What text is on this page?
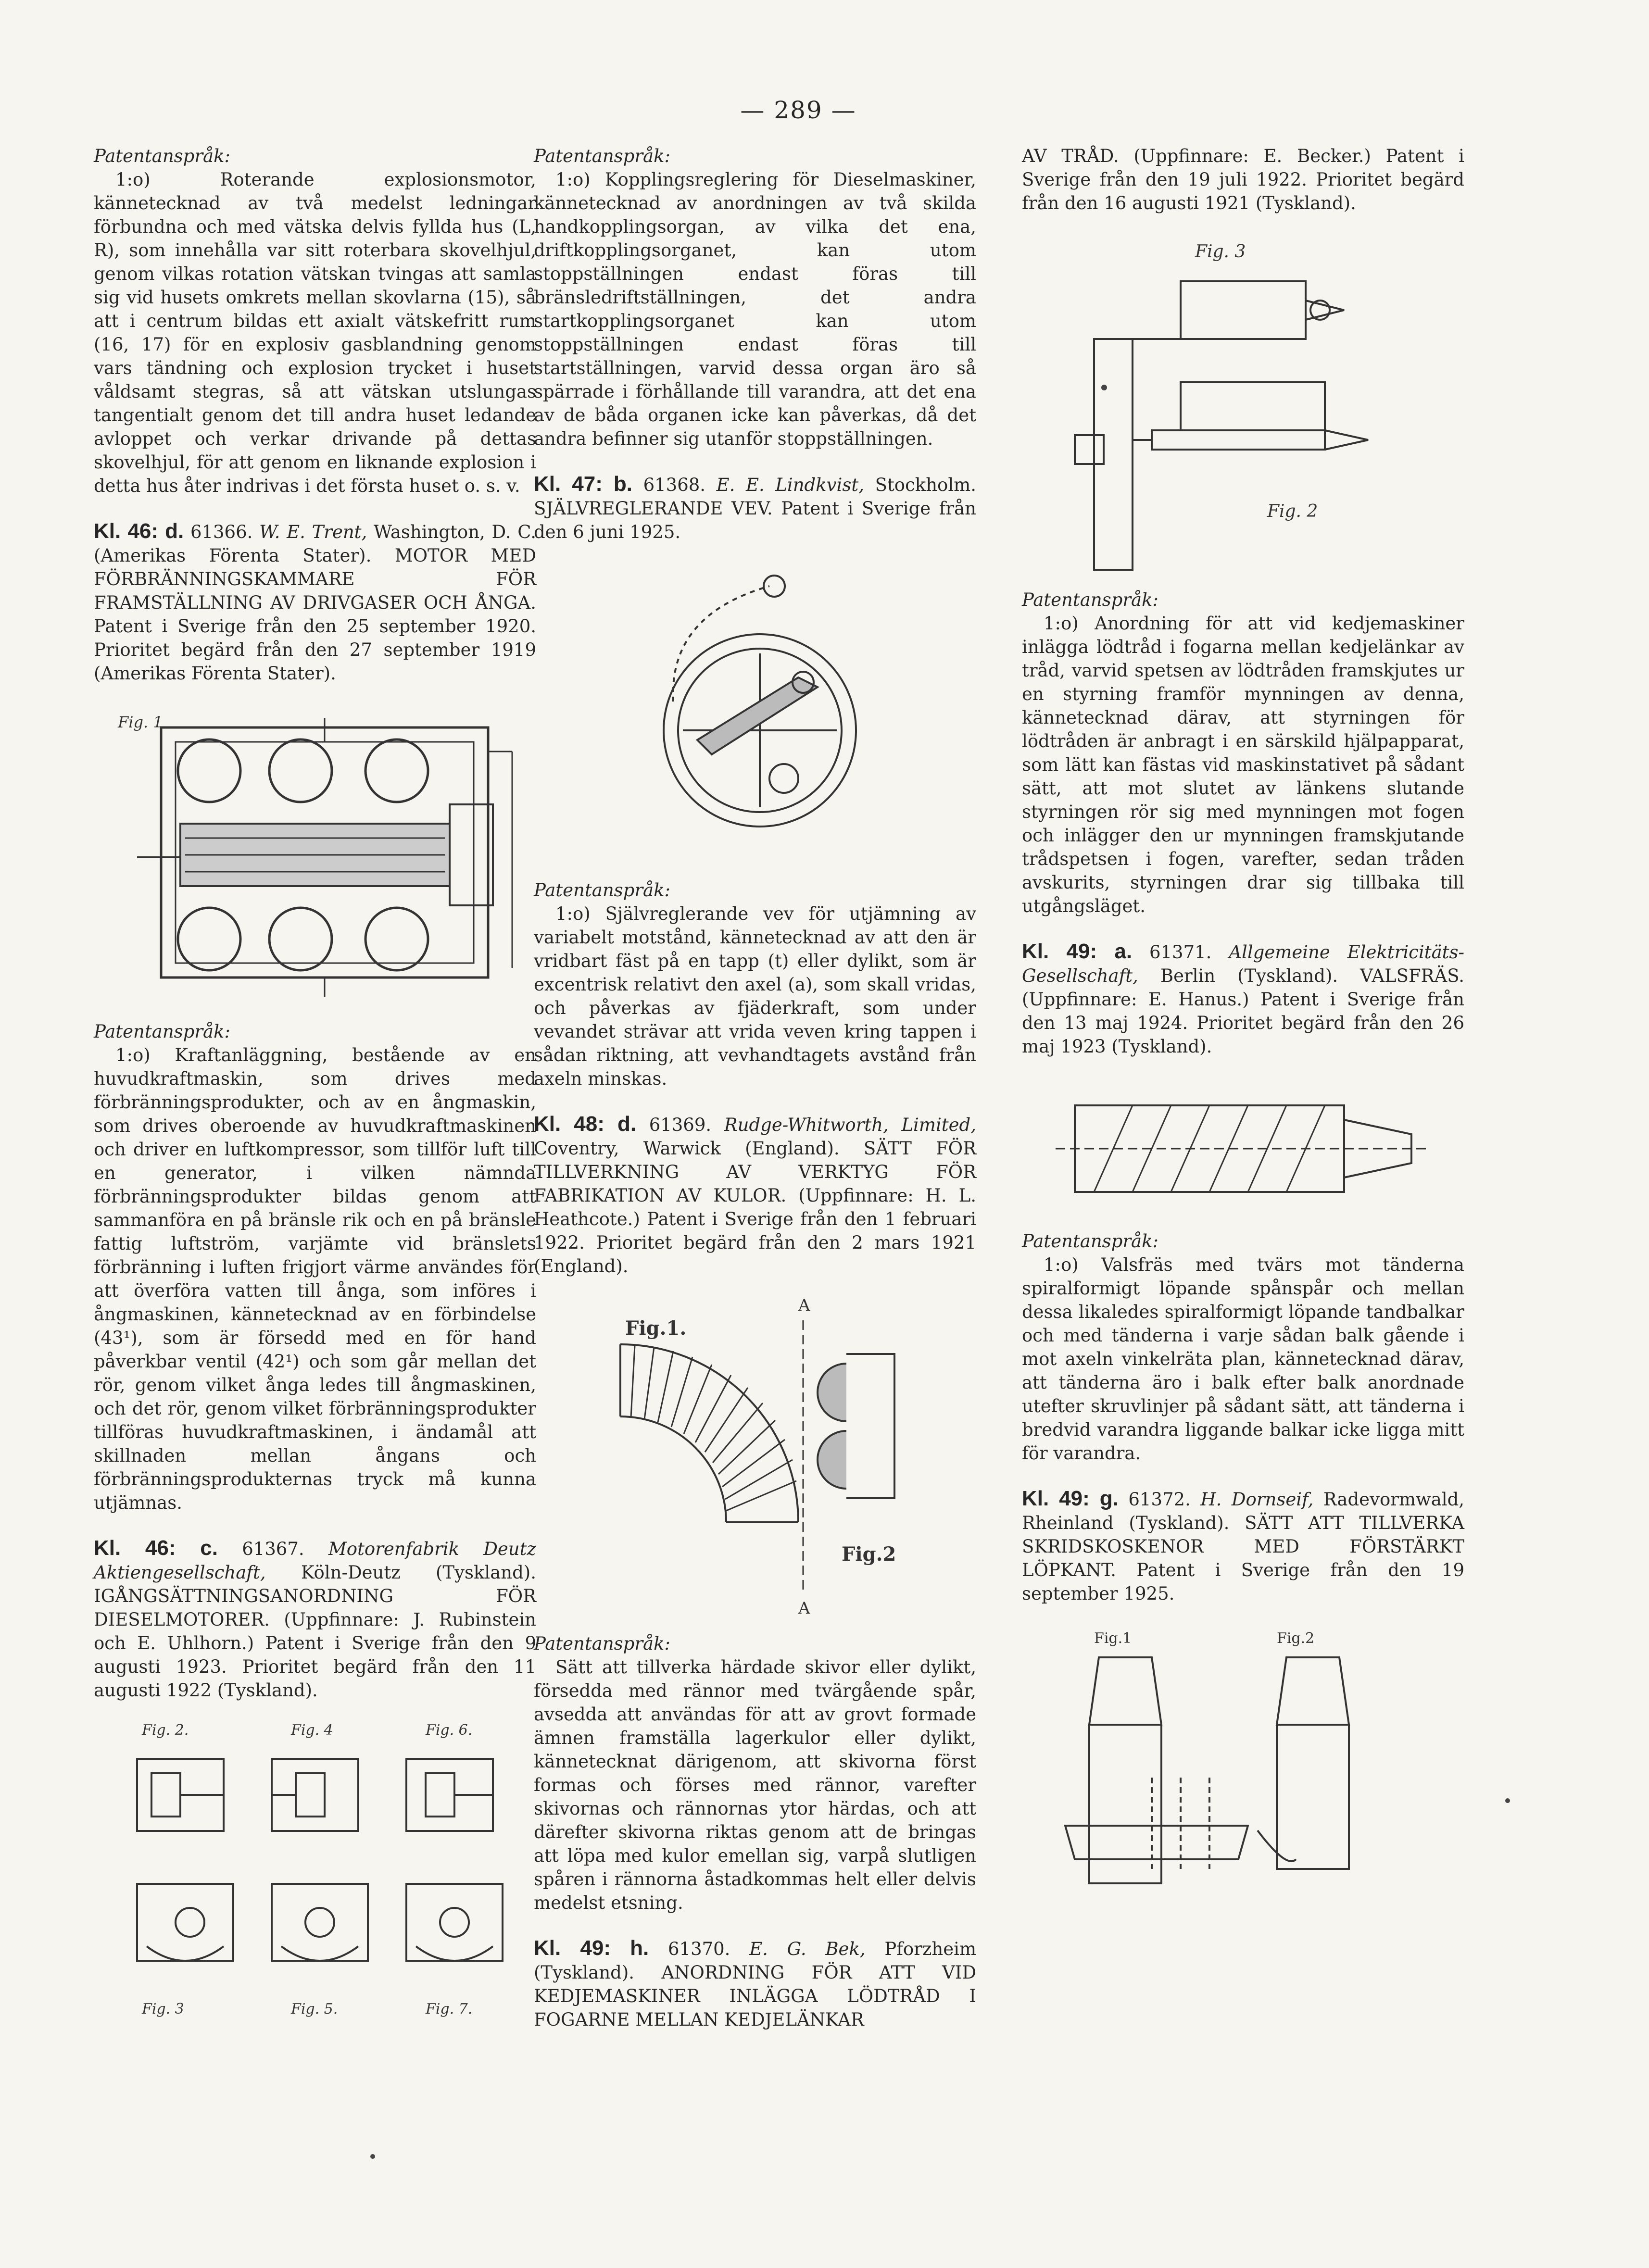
— 289 —

Patentanspråk:

1:o) Roterande explosionsmotor, kännetecknad av två medelst ledningar förbundna och med vätska delvis fyllda hus (L, R), som innehålla var sitt roterbara skovelhjul, genom vilkas rotation vätskan tvingas att samla sig vid husets omkrets mellan skovlarna (15), så att i centrum bildas ett axialt vätskefritt rum (16, 17) för en explosiv gasblandning genom vars tändning och explosion trycket i huset våldsamt stegras, så att vätskan utslungas tangentialt genom det till andra huset ledande avloppet och verkar drivande på dettas skovelhjul, för att genom en liknande explosion i detta hus åter indrivas i det första huset o. s. v.

Kl. 46: d. 61366. W. E. Trent, Washington, D. C. (Amerikas Förenta Stater). MOTOR MED FÖRBRÄNNINGSKAMMARE FÖR FRAMSTÄLLNING AV DRIVGASER OCH ÅNGA. Patent i Sverige från den 25 september 1920. Prioritet begärd från den 27 september 1919 (Amerikas Förenta Stater).

Fig. 1

Patentanspråk:

1:o) Kraftanläggning, bestående av en huvudkraftmaskin, som drives med förbränningsprodukter, och av en ångmaskin, som drives oberoende av huvudkraftmaskinen och driver en luftkompressor, som tillför luft till en generator, i vilken nämnda förbränningsprodukter bildas genom att sammanföra en på bränsle rik och en på bränsle fattig luftström, varjämte vid bränslets förbränning i luften frigjort värme användes för att överföra vatten till ånga, som införes i ångmaskinen, kännetecknad av en förbindelse (43¹), som är försedd med en för hand påverkbar ventil (42¹) och som går mellan det rör, genom vilket ånga ledes till ångmaskinen, och det rör, genom vilket förbränningsprodukter tillföras huvudkraftmaskinen, i ändamål att skillnaden mellan ångans och förbränningsprodukternas tryck må kunna utjämnas.

Kl. 46: c. 61367. Motorenfabrik Deutz Aktiengesellschaft, Köln-Deutz (Tyskland). IGÅNGSÄTTNINGSANORDNING FÖR DIESELMOTORER. (Uppfinnare: J. Rubinstein och E. Uhlhorn.) Patent i Sverige från den 9 augusti 1923. Prioritet begärd från den 11 augusti 1922 (Tyskland).

Fig. 2.	Fig. 4	Fig. 6.
Fig. 3	Fig. 5.	Fig. 7.

Patentanspråk:

1:o) Kopplingsreglering för Dieselmaskiner, kännetecknad av anordningen av två skilda handkopplingsorgan, av vilka det ena, driftkopplingsorganet, kan utom stoppställningen endast föras till bränsledriftställningen, det andra startkopplingsorganet kan utom stoppställningen endast föras till startställningen, varvid dessa organ äro så spärrade i förhållande till varandra, att det ena av de båda organen icke kan påverkas, då det andra befinner sig utanför stoppställningen.

Kl. 47: b. 61368. E. E. Lindkvist, Stockholm. SJÄLVREGLERANDE VEV. Patent i Sverige från den 6 juni 1925.

Patentanspråk:

1:o) Självreglerande vev för utjämning av variabelt motstånd, kännetecknad av att den är vridbart fäst på en tapp (t) eller dylikt, som är excentrisk relativt den axel (a), som skall vridas, och påverkas av fjäderkraft, som under vevandet strävar att vrida veven kring tappen i sådan riktning, att vevhandtagets avstånd från axeln minskas.

Kl. 48: d. 61369. Rudge-Whitworth, Limited, Coventry, Warwick (England). SÄTT FÖR TILLVERKNING AV VERKTYG FÖR FABRIKATION AV KULOR. (Uppfinnare: H. L. Heathcote.) Patent i Sverige från den 1 februari 1922. Prioritet begärd från den 2 mars 1921 (England).

Fig.1.
A
A
Fig.2

Patentanspråk:

Sätt att tillverka härdade skivor eller dylikt, försedda med rännor med tvärgående spår, avsedda att användas för att av grovt formade ämnen framställa lagerkulor eller dylikt, kännetecknat därigenom, att skivorna först formas och förses med rännor, varefter skivornas och rännornas ytor härdas, och att därefter skivorna riktas genom att de bringas att löpa med kulor emellan sig, varpå slutligen spåren i rännorna åstadkommas helt eller delvis medelst etsning.

Kl. 49: h. 61370. E. G. Bek, Pforzheim (Tyskland). ANORDNING FÖR ATT VID KEDJEMASKINER INLÄGGA LÖDTRÅD I FOGARNE MELLAN KEDJELÄNKAR

AV TRÅD. (Uppfinnare: E. Becker.) Patent i Sverige från den 19 juli 1922. Prioritet begärd från den 16 augusti 1921 (Tyskland).

Fig. 3
Fig. 2

Patentanspråk:

1:o) Anordning för att vid kedjemaskiner inlägga lödtråd i fogarna mellan kedjelänkar av tråd, varvid spetsen av lödtråden framskjutes ur en styrning framför mynningen av denna, kännetecknad därav, att styrningen för lödtråden är anbragt i en särskild hjälpapparat, som lätt kan fästas vid maskinstativet på sådant sätt, att mot slutet av länkens slutande styrningen rör sig med mynningen mot fogen och inlägger den ur mynningen framskjutande trådspetsen i fogen, varefter, sedan tråden avskurits, styrningen drar sig tillbaka till utgångsläget.

Kl. 49: a. 61371. Allgemeine Elektricitäts-Gesellschaft, Berlin (Tyskland). VALSFRÄS. (Uppfinnare: E. Hanus.) Patent i Sverige från den 13 maj 1924. Prioritet begärd från den 26 maj 1923 (Tyskland).

Patentanspråk:

1:o) Valsfräs med tvärs mot tänderna spiralformigt löpande spånspår och mellan dessa likaledes spiralformigt löpande tandbalkar och med tänderna i varje sådan balk gående i mot axeln vinkelräta plan, kännetecknad därav, att tänderna äro i balk efter balk anordnade utefter skruvlinjer på sådant sätt, att tänderna i bredvid varandra liggande balkar icke ligga mitt för varandra.

Kl. 49: g. 61372. H. Dornseif, Radevormwald, Rheinland (Tyskland). SÄTT ATT TILLVERKA SKRIDSKOSKENOR MED FÖRSTÄRKT LÖPKANT. Patent i Sverige från den 19 september 1925.

Fig.1	Fig.2
